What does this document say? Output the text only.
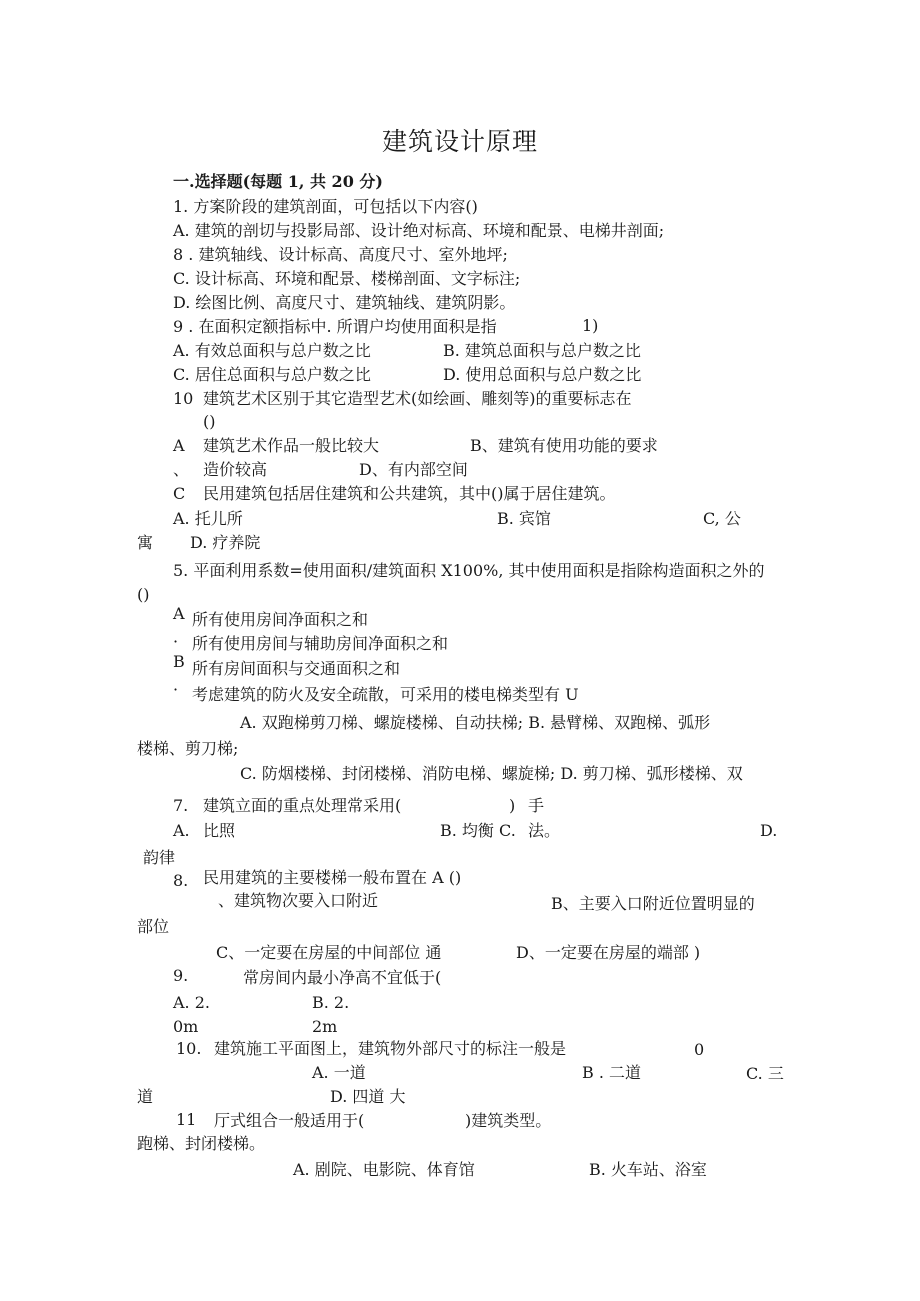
建筑设计原理
一.选择题(每题 1, 共 20 分)
1. 方案阶段的建筑剖面，可包括以下内容()
A. 建筑的剖切与投影局部、设计绝对标高、环境和配景、电梯井剖面;
8 . 建筑轴线、设计标高、高度尺寸、室外地坪;
C. 设计标高、环境和配景、楼梯剖面、文字标注;
D. 绘图比例、高度尺寸、建筑轴线、建筑阴影。
9 . 在面积定额指标中. 所谓户均使用面积是指	1)
A. 有效总面积与总户数之比	B. 建筑总面积与总户数之比
C. 居住总面积与总户数之比	D. 使用总面积与总户数之比
10 建筑艺术区别于其它造型艺术(如绘画、雕刻等)的重要标志在
()
A 建筑艺术作品一般比较大	B、建筑有使用功能的要求
、 造价较高	D、有内部空间
C 民用建筑包括居住建筑和公共建筑，其中()属于居住建筑。
A. 托儿所	B. 宾馆	C, 公
寓 D. 疗养院
5. 平面利用系数=使用面积/建筑面积 X100%, 其中使用面积是指除构造面积之外的
()
A 所有使用房间净面积之和
· 所有使用房间与辅助房间净面积之和
B 所有房间面积与交通面积之和
· 考虑建筑的防火及安全疏散，可采用的楼电梯类型有 U
A. 双跑梯剪刀梯、螺旋楼梯、自动扶梯; B. 悬臂梯、双跑梯、弧形
楼梯、剪刀梯;
C. 防烟楼梯、封闭楼梯、消防电梯、螺旋梯; D. 剪刀梯、弧形楼梯、双
7. 建筑立面的重点处理常采用(	) 手
A. 比照	B. 均衡 C. 法。	D.
韵律
8. 民用建筑的主要楼梯一般布置在 A ()
、建筑物次要入口附近	B、主要入口附近位置明显的
部位
C、一定要在房屋的中间部位 通	D、一定要在房屋的端部 )
9.	常房间内最小净高不宜低于(
A. 2.	B. 2.
0m	2m
10. 建筑施工平面图上，建筑物外部尺寸的标注一般是	0
A. 一道	B . 二道	C. 三
道	D. 四道 大
11 厅式组合一般适用于(	)建筑类型。
跑梯、封闭楼梯。
A. 剧院、电影院、体育馆	B. 火车站、浴室
